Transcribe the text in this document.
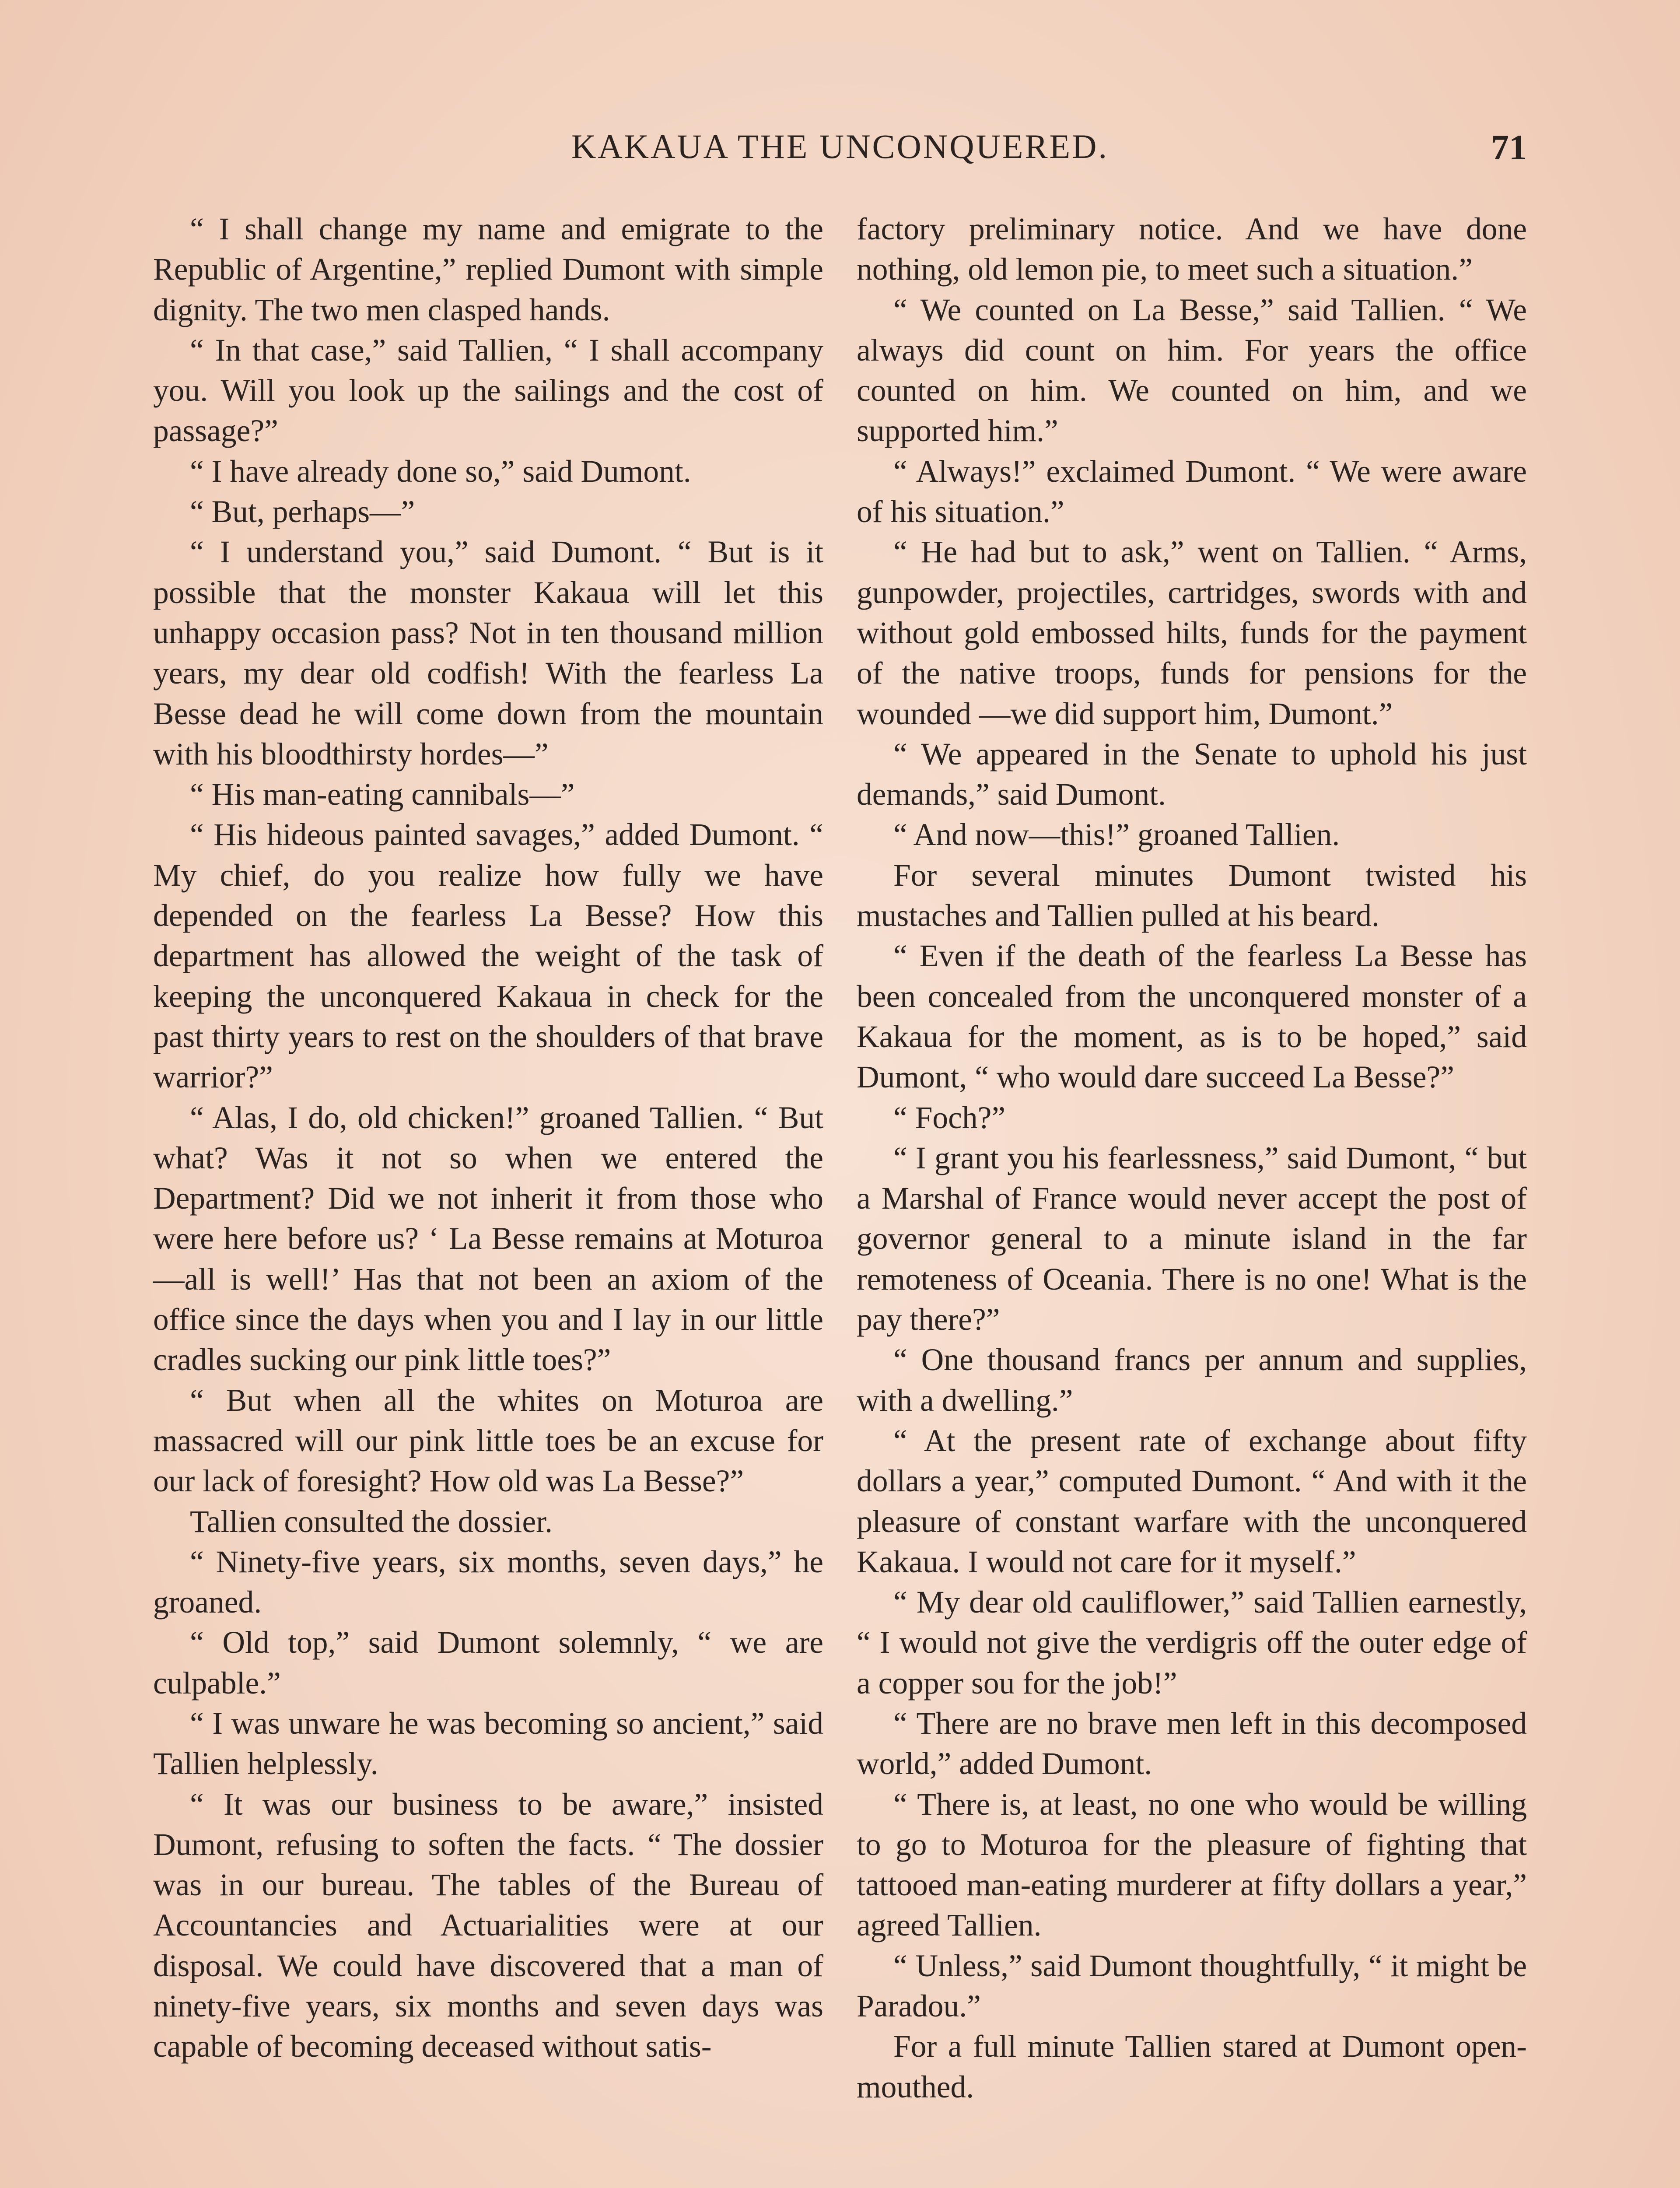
KAKAUA THE UNCONQUERED.	71

“ I shall change my name and emigrate to the Republic of Argentine,” replied Dumont with simple dignity. The two men clasped hands.

“ In that case,” said Tallien, “ I shall accompany you. Will you look up the sailings and the cost of passage?”

“ I have already done so,” said Dumont.

“ But, perhaps—”

“ I understand you,” said Dumont. “ But is it possible that the monster Kakaua will let this unhappy occasion pass? Not in ten thousand million years, my dear old codfish! With the fearless La Besse dead he will come down from the mountain with his bloodthirsty hordes—”

“ His man-eating cannibals—”

“ His hideous painted savages,” added Dumont. “ My chief, do you realize how fully we have depended on the fearless La Besse? How this department has allowed the weight of the task of keeping the unconquered Kakaua in check for the past thirty years to rest on the shoulders of that brave warrior?”

“ Alas, I do, old chicken!” groaned Tallien. “ But what? Was it not so when we entered the Department? Did we not inherit it from those who were here before us? ‘ La Besse remains at Moturoa—all is well!’ Has that not been an axiom of the office since the days when you and I lay in our little cradles sucking our pink little toes?”

“ But when all the whites on Moturoa are massacred will our pink little toes be an excuse for our lack of foresight? How old was La Besse?”

Tallien consulted the dossier.

“ Ninety-five years, six months, seven days,” he groaned.

“ Old top,” said Dumont solemnly, “ we are culpable.”

“ I was unware he was becoming so ancient,” said Tallien helplessly.

“ It was our business to be aware,” insisted Dumont, refusing to soften the facts. “ The dossier was in our bureau. The tables of the Bureau of Accountancies and Actuarialities were at our disposal. We could have discovered that a man of ninety-five years, six months and seven days was capable of becoming deceased without satis-

factory preliminary notice. And we have done nothing, old lemon pie, to meet such a situation.”

“ We counted on La Besse,” said Tallien. “ We always did count on him. For years the office counted on him. We counted on him, and we supported him.”

“ Always!” exclaimed Dumont. “ We were aware of his situation.”

“ He had but to ask,” went on Tallien. “ Arms, gunpowder, projectiles, cartridges, swords with and without gold embossed hilts, funds for the payment of the native troops, funds for pensions for the wounded —we did support him, Dumont.”

“ We appeared in the Senate to uphold his just demands,” said Dumont.

“ And now—this!” groaned Tallien.

For several minutes Dumont twisted his mustaches and Tallien pulled at his beard.

“ Even if the death of the fearless La Besse has been concealed from the unconquered monster of a Kakaua for the moment, as is to be hoped,” said Dumont, “ who would dare succeed La Besse?”

“ Foch?”

“ I grant you his fearlessness,” said Dumont, “ but a Marshal of France would never accept the post of governor general to a minute island in the far remoteness of Oceania. There is no one! What is the pay there?”

“ One thousand francs per annum and supplies, with a dwelling.”

“ At the present rate of exchange about fifty dollars a year,” computed Dumont. “ And with it the pleasure of constant warfare with the unconquered Kakaua. I would not care for it myself.”

“ My dear old cauliflower,” said Tallien earnestly, “ I would not give the verdigris off the outer edge of a copper sou for the job!”

“ There are no brave men left in this decomposed world,” added Dumont.

“ There is, at least, no one who would be willing to go to Moturoa for the pleasure of fighting that tattooed man-eating murderer at fifty dollars a year,” agreed Tallien.

“ Unless,” said Dumont thoughtfully, “ it might be Paradou.”

For a full minute Tallien stared at Dumont open-mouthed.
